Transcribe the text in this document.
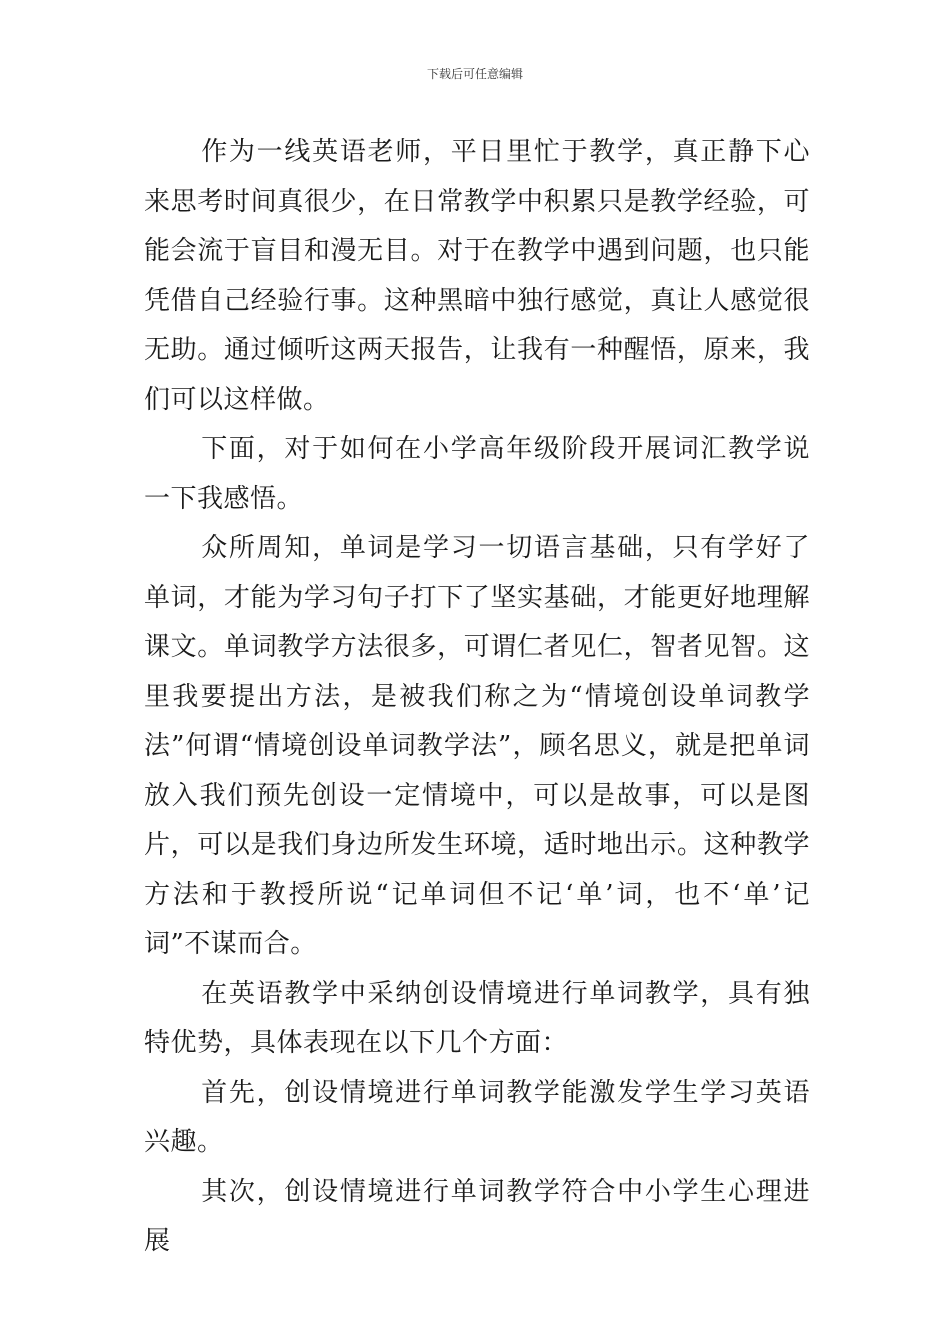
下载后可任意编辑

作为一线英语老师，平日里忙于教学，真正静下心来思考时间真很少，在日常教学中积累只是教学经验，可能会流于盲目和漫无目。对于在教学中遇到问题，也只能凭借自己经验行事。这种黑暗中独行感觉，真让人感觉很无助。通过倾听这两天报告，让我有一种醒悟，原来，我们可以这样做。

下面，对于如何在小学高年级阶段开展词汇教学说一下我感悟。

众所周知，单词是学习一切语言基础，只有学好了单词，才能为学习句子打下了坚实基础，才能更好地理解课文。单词教学方法很多，可谓仁者见仁，智者见智。这里我要提出方法，是被我们称之为“情境创设单词教学法”何谓“情境创设单词教学法”，顾名思义，就是把单词放入我们预先创设一定情境中，可以是故事，可以是图片，可以是我们身边所发生环境，适时地出示。这种教学方法和于教授所说“记单词但不记‘单’词，也不‘单’记词”不谋而合。

在英语教学中采纳创设情境进行单词教学，具有独特优势，具体表现在以下几个方面：

首先，创设情境进行单词教学能激发学生学习英语兴趣。

其次，创设情境进行单词教学符合中小学生心理进展
